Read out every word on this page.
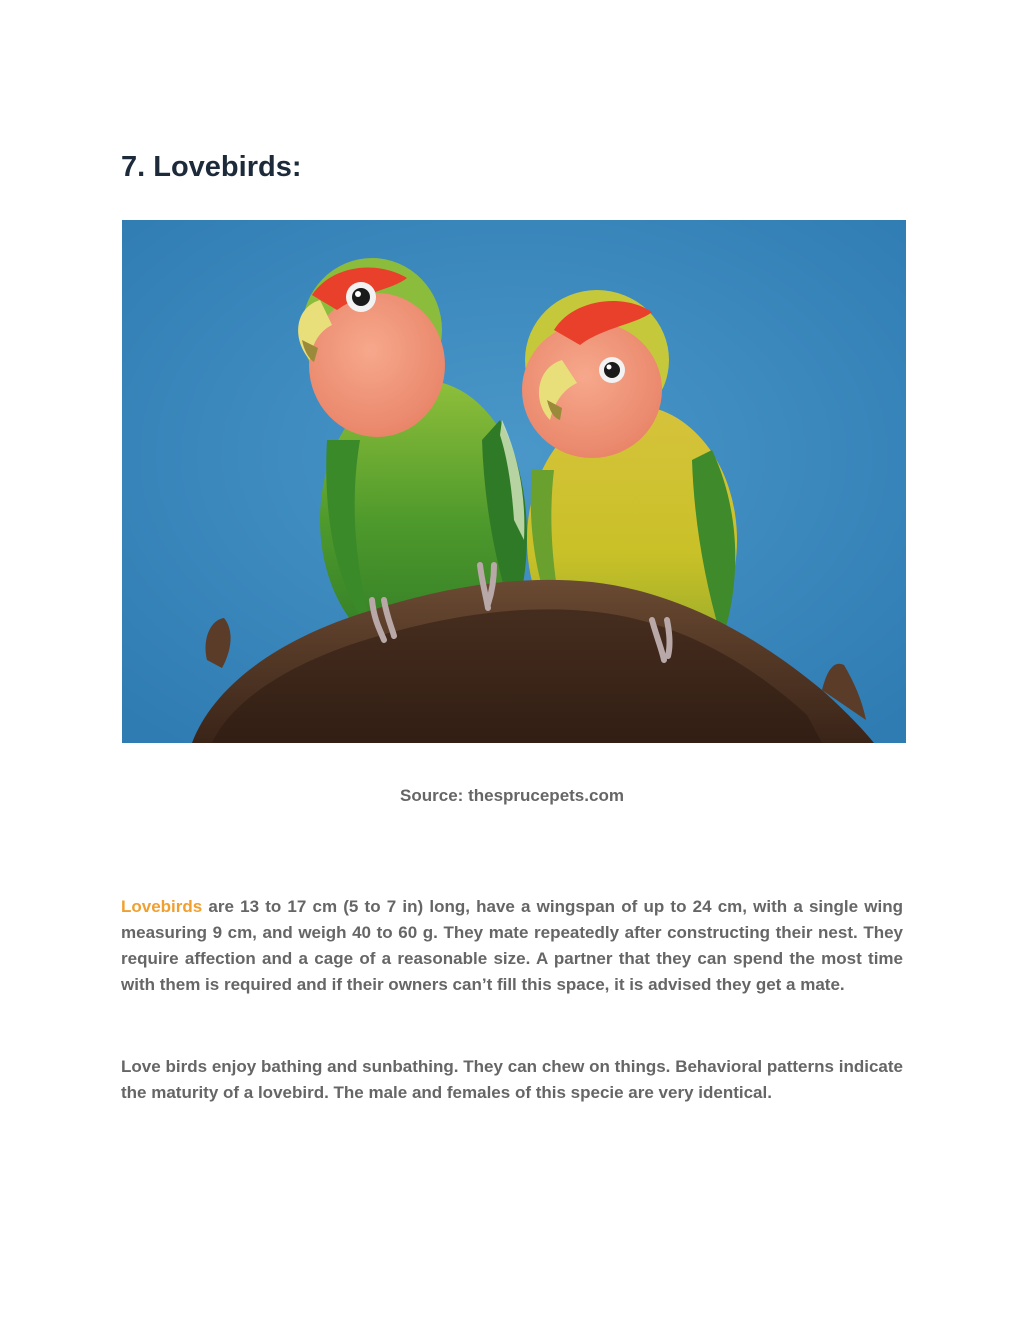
7. Lovebirds:
Source: thesprucepets.com

Lovebirds are 13 to 17 cm (5 to 7 in) long, have a wingspan of up to 24 cm, with a single wing measuring 9 cm, and weigh 40 to 60 g. They mate repeatedly after constructing their nest. They require affection and a cage of a reasonable size. A partner that they can spend the most time with them is required and if their owners can’t fill this space, it is advised they get a mate.

Love birds enjoy bathing and sunbathing. They can chew on things. Behavioral patterns indicate the maturity of a lovebird. The male and females of this specie are very identical.
